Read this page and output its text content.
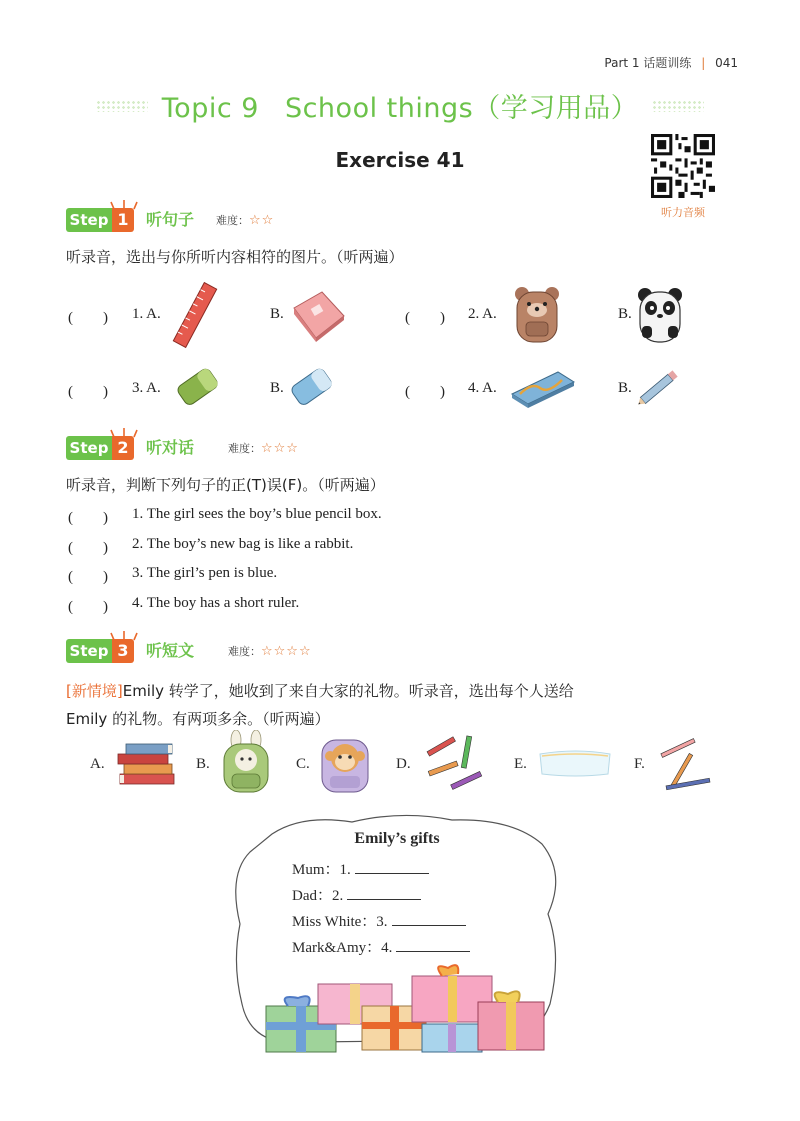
Part 1 话题训练 | 041
Topic 9 School things（学习用品）
Exercise 41
听力音频
Step 1	听句子 难度：☆☆
听录音，选出与你所听内容相符的图片。（听两遍）
(　　) 1. A.	B.	(　　) 2. A.	B.
(　　) 3. A.	B.	(　　) 4. A.	B.
Step 2	听对话	难度：☆☆☆
听录音，判断下列句子的正(T)误(F)。（听两遍）
(　　) 1. The girl sees the boy’s blue pencil box.
(　　) 2. The boy’s new bag is like a rabbit.
(　　) 3. The girl’s pen is blue.
(　　) 4. The boy has a short ruler.
Step 3	听短文	难度：☆☆☆☆
[新情境]Emily 转学了，她收到了来自大家的礼物。听录音，选出每个人送给
Emily 的礼物。有两项多余。（听两遍）
A.	B.	C.	D.	E.	F.
Emily’s gifts
Mum：1.
Dad：2.
Miss White：3.
Mark&Amy：4.
